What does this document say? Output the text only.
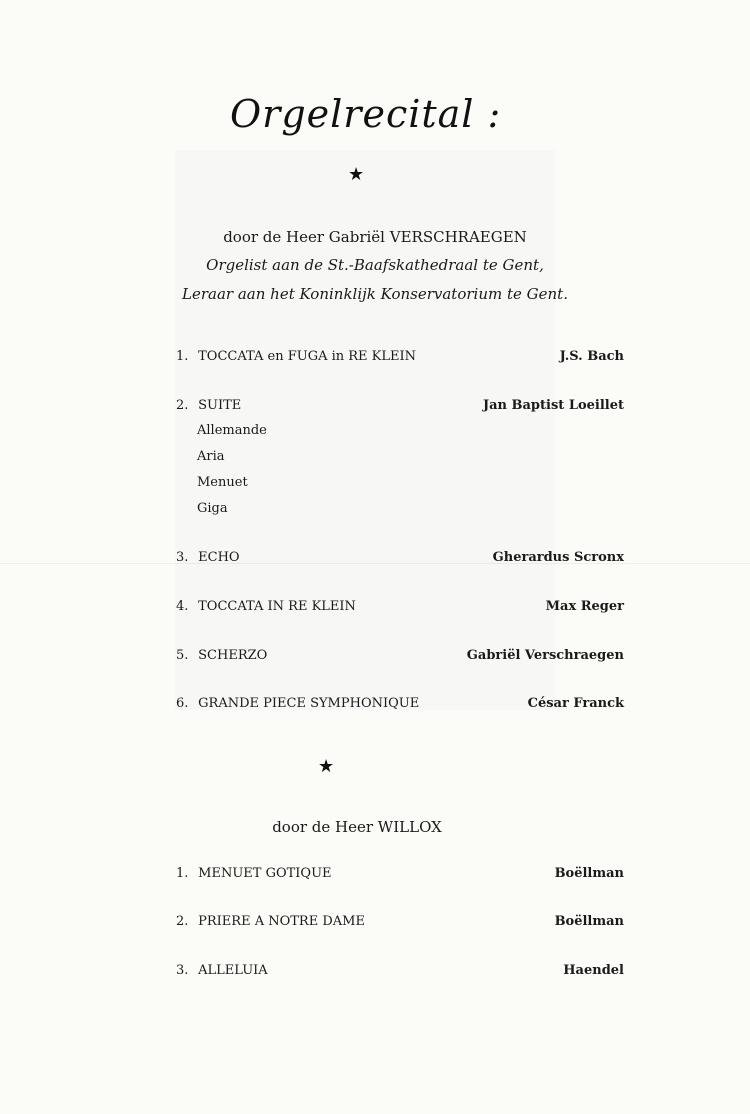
Orgelrecital :
★
door de Heer Gabriël VERSCHRAEGEN
Orgelist aan de St.-Baafskathedraal te Gent,
Leraar aan het Koninklijk Konservatorium te Gent.
1. TOCCATA en FUGA in RE KLEIN	J.S. Bach
2. SUITE	Jan Baptist Loeillet
Allemande
Aria
Menuet
Giga
3. ECHO	Gherardus Scronx
4. TOCCATA IN RE KLEIN	Max Reger
5. SCHERZO	Gabriël Verschraegen
6. GRANDE PIECE SYMPHONIQUE	César Franck
★
door de Heer WILLOX
1. MENUET GOTIQUE	Boëllman
2. PRIERE A NOTRE DAME	Boëllman
3. ALLELUIA	Haendel
